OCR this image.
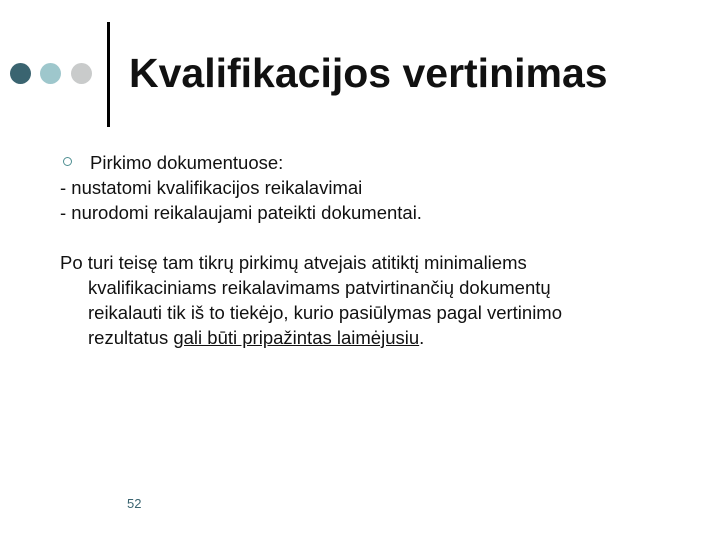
Kvalifikacijos vertinimas
Pirkimo dokumentuose:
- nustatomi kvalifikacijos reikalavimai
- nurodomi reikalaujami pateikti dokumentai.
Po turi teisę tam tikrų pirkimų atvejais atitiktį minimaliems
kvalifikaciniams reikalavimams patvirtinančių dokumentų
reikalauti tik iš to tiekėjo, kurio pasiūlymas pagal vertinimo
rezultatus gali būti pripažintas laimėjusiu.
52
